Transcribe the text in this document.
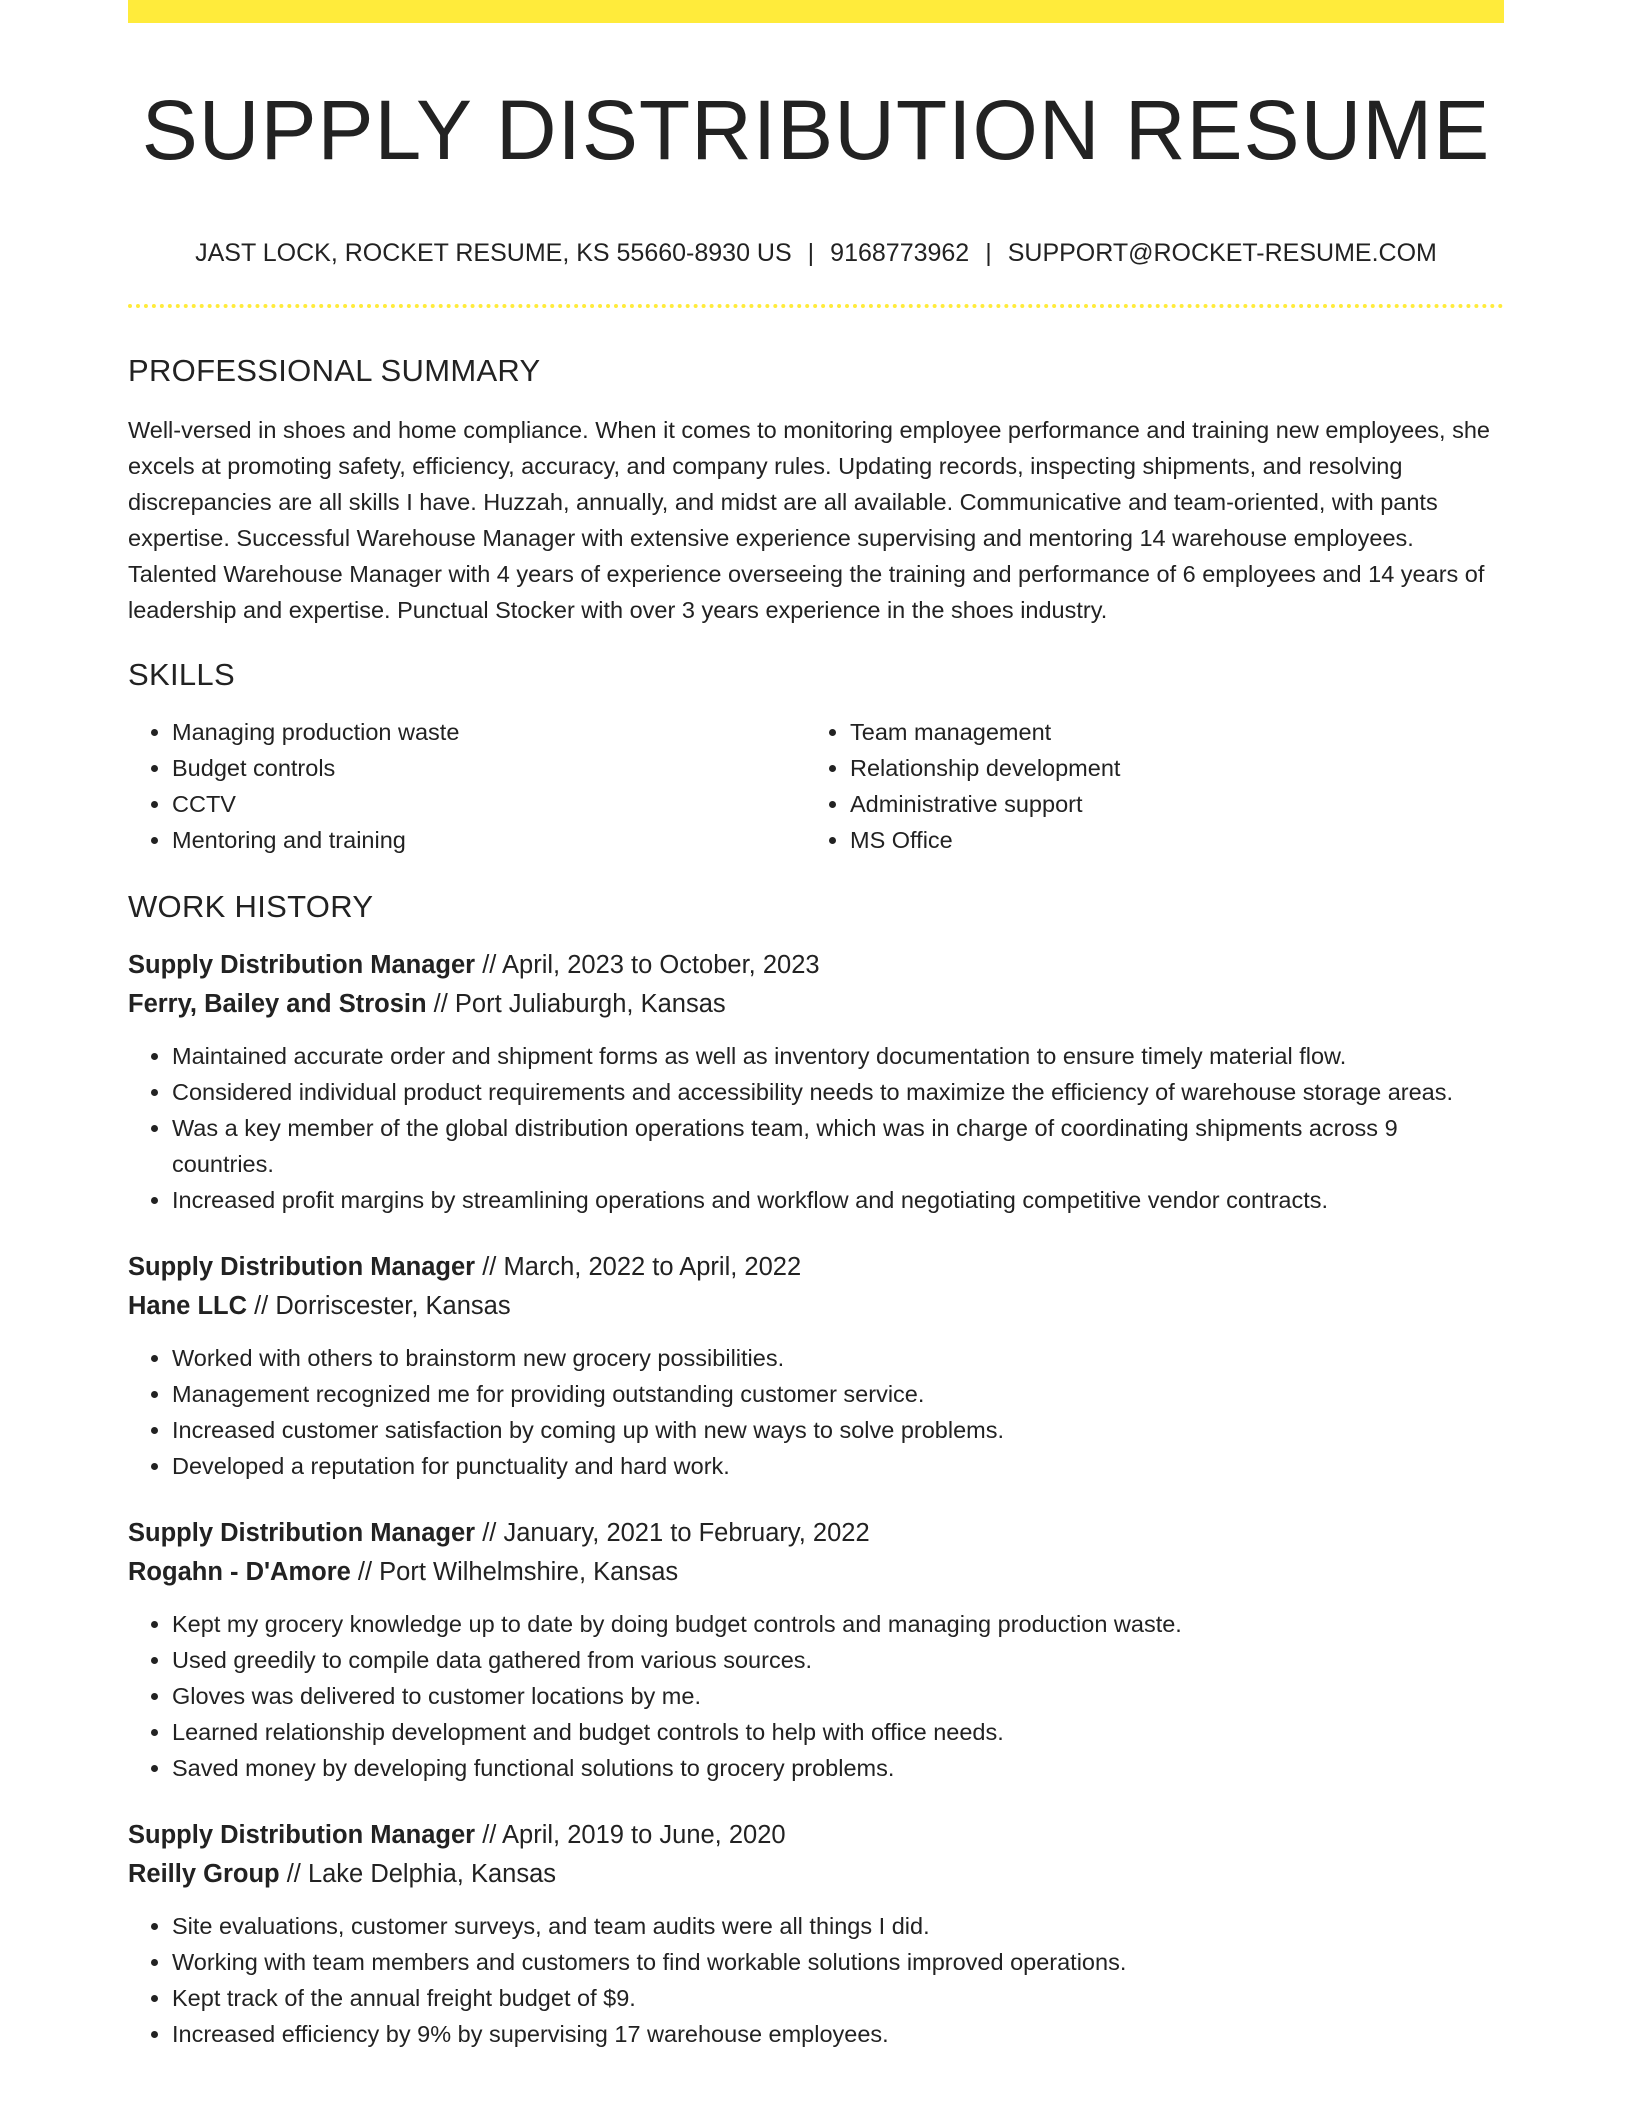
SUPPLY DISTRIBUTION RESUME
JAST LOCK, ROCKET RESUME, KS 55660-8930 US | 9168773962 | SUPPORT@ROCKET-RESUME.COM
PROFESSIONAL SUMMARY

Well-versed in shoes and home compliance. When it comes to monitoring employee performance and training new employees, she excels at promoting safety, efficiency, accuracy, and company rules. Updating records, inspecting shipments, and resolving discrepancies are all skills I have. Huzzah, annually, and midst are all available. Communicative and team-oriented, with pants expertise. Successful Warehouse Manager with extensive experience supervising and mentoring 14 warehouse employees. Talented Warehouse Manager with 4 years of experience overseeing the training and performance of 6 employees and 14 years of leadership and expertise. Punctual Stocker with over 3 years experience in the shoes industry.

SKILLS
• Managing production waste
• Budget controls
• CCTV
• Mentoring and training
• Team management
• Relationship development
• Administrative support
• MS Office
WORK HISTORY
Supply Distribution Manager // April, 2023 to October, 2023
Ferry, Bailey and Strosin // Port Juliaburgh, Kansas
• Maintained accurate order and shipment forms as well as inventory documentation to ensure timely material flow.
• Considered individual product requirements and accessibility needs to maximize the efficiency of warehouse storage areas.
• Was a key member of the global distribution operations team, which was in charge of coordinating shipments across 9 countries.
• Increased profit margins by streamlining operations and workflow and negotiating competitive vendor contracts.
Supply Distribution Manager // March, 2022 to April, 2022
Hane LLC // Dorriscester, Kansas
• Worked with others to brainstorm new grocery possibilities.
• Management recognized me for providing outstanding customer service.
• Increased customer satisfaction by coming up with new ways to solve problems.
• Developed a reputation for punctuality and hard work.
Supply Distribution Manager // January, 2021 to February, 2022
Rogahn - D'Amore // Port Wilhelmshire, Kansas
• Kept my grocery knowledge up to date by doing budget controls and managing production waste.
• Used greedily to compile data gathered from various sources.
• Gloves was delivered to customer locations by me.
• Learned relationship development and budget controls to help with office needs.
• Saved money by developing functional solutions to grocery problems.
Supply Distribution Manager // April, 2019 to June, 2020
Reilly Group // Lake Delphia, Kansas
• Site evaluations, customer surveys, and team audits were all things I did.
• Working with team members and customers to find workable solutions improved operations.
• Kept track of the annual freight budget of $9.
• Increased efficiency by 9% by supervising 17 warehouse employees.
